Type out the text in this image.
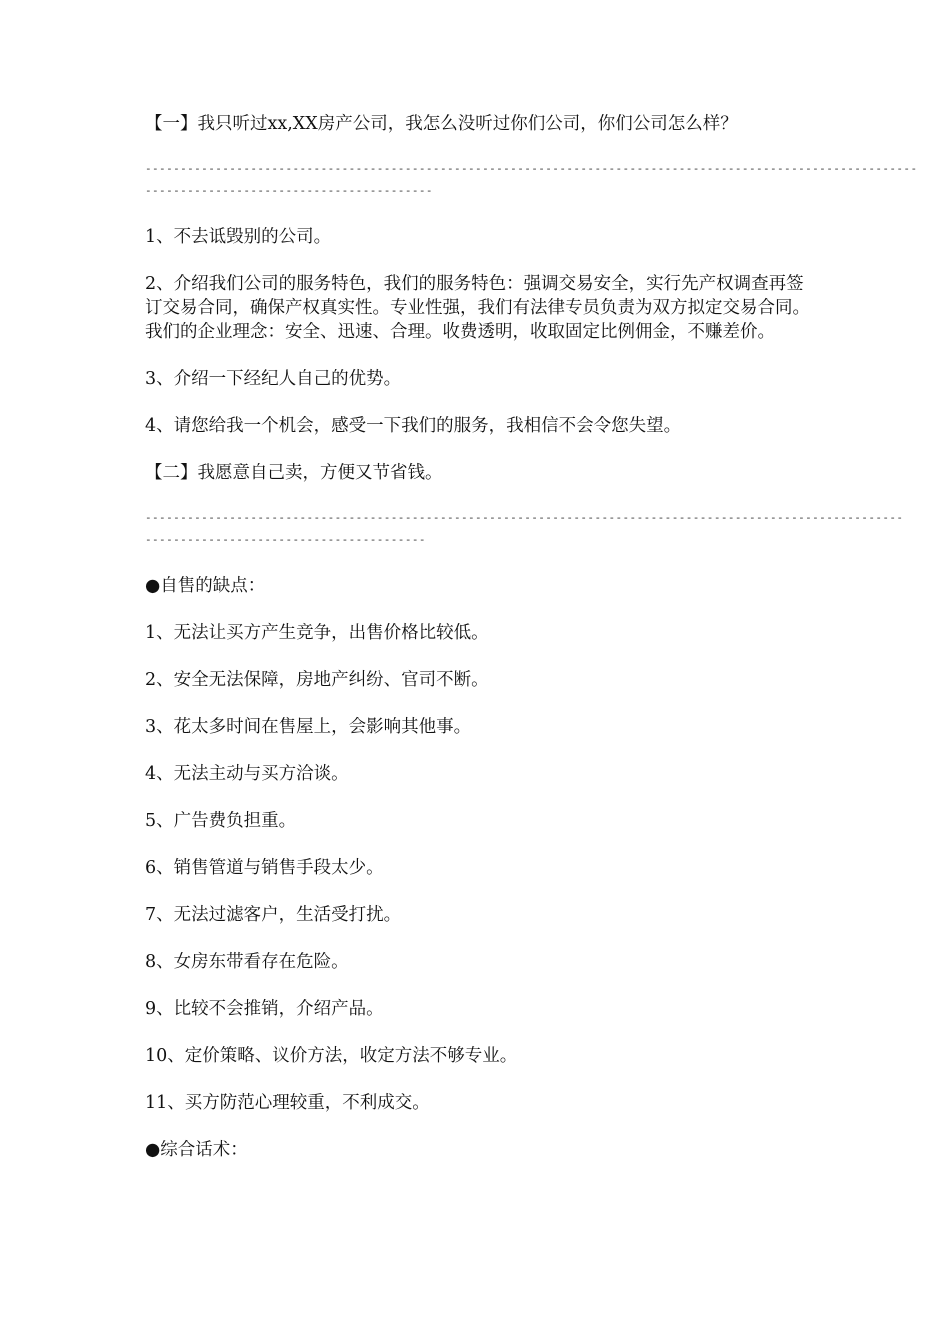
【一】我只听过xx,XX房产公司，我怎么没听过你们公司，你们公司怎么样？

--------------------------------------------------------------------------------------------------------------
-----------------------------------------

1、不去诋毁别的公司。

2、介绍我们公司的服务特色，我们的服务特色：强调交易安全，实行先产权调查再签订交易合同，确保产权真实性。专业性强，我们有法律专员负责为双方拟定交易合同。我们的企业理念：安全、迅速、合理。收费透明，收取固定比例佣金，不赚差价。

3、介绍一下经纪人自己的优势。

4、请您给我一个机会，感受一下我们的服务，我相信不会令您失望。

【二】我愿意自己卖，方便又节省钱。

------------------------------------------------------------------------------------------------------------
----------------------------------------

●自售的缺点：

1、无法让买方产生竞争，出售价格比较低。

2、安全无法保障，房地产纠纷、官司不断。

3、花太多时间在售屋上，会影响其他事。

4、无法主动与买方洽谈。

5、广告费负担重。

6、销售管道与销售手段太少。

7、无法过滤客户，生活受打扰。

8、女房东带看存在危险。

9、比较不会推销，介绍产品。

10、定价策略、议价方法，收定方法不够专业。

11、买方防范心理较重，不利成交。

●综合话术：
